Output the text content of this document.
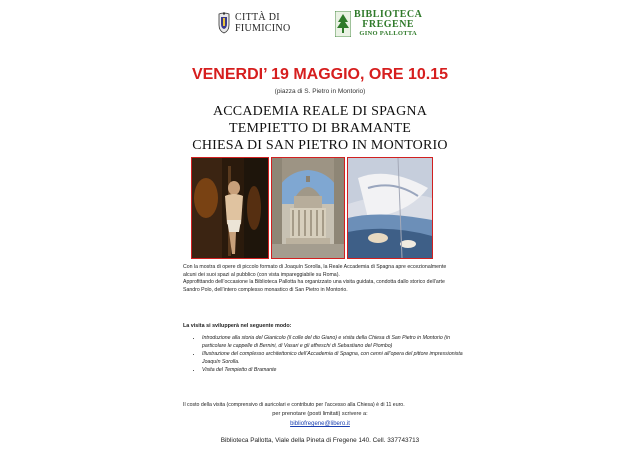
CITTÀ DI
FIUMICINO
BIBLIOTECA
FREGENE
GINO PALLOTTA
VENERDI’ 19 MAGGIO, ORE 10.15
(piazza di S. Pietro in Montorio)
ACCADEMIA REALE DI SPAGNA
TEMPIETTO DI BRAMANTE
CHIESA DI SAN PIETRO IN MONTORIO

Con la mostra di opere di piccolo formato di Joaquín Sorolla, la Reale Accademia di Spagna apre eccezionalmente alcuni dei suoi spazi al pubblico (con vista impareggiabile su Roma).

Approfittando dell’occasione la Biblioteca Pallotta ha organizzato una visita guidata, condotta dallo storico dell’arte Sandro Polo, dell’intero complesso monastico di San Pietro in Montorio.

La visita si svilupperà nel seguente modo:
• Introduzione alla storia del Gianicolo (il colle del dio Giano) e visita della Chiesa di San Pietro in Montorio (in particolare le cappelle di Bernini, di Vasari e gli affreschi di Sebastiano del Piombo)
• Illustrazione del complesso architettonico dell’Accademia di Spagna, con cenni all’opera del pittore impressionista Joaquín Sorolla.
• Visita del Tempietto di Bramante
Il costo della visita (comprensivo di auricolari e contributo per l’accesso alla Chiesa) è di 11 euro.
per prenotare (posti limitati) scrivere a:
bibliofregene@libero.it
Biblioteca Pallotta, Viale della Pineta di Fregene 140. Cell. 337743713
